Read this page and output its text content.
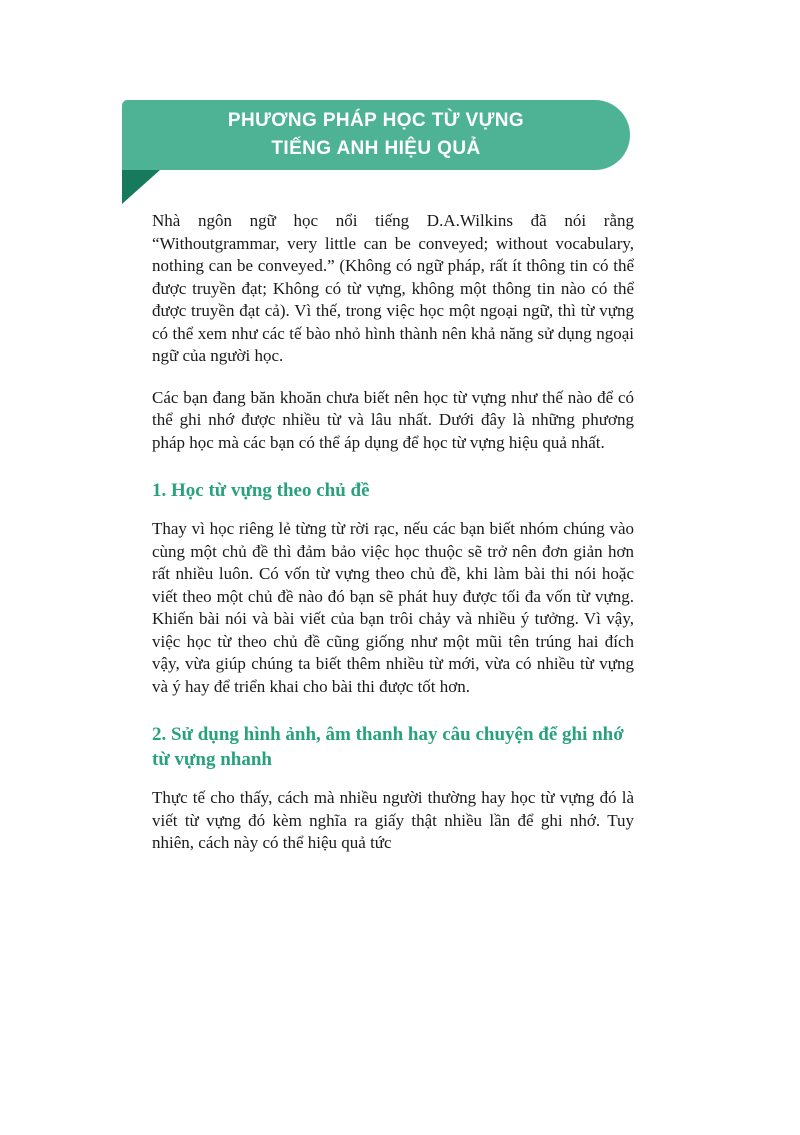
PHƯƠNG PHÁP HỌC TỪ VỰNG
TIẾNG ANH HIỆU QUẢ

Nhà ngôn ngữ học nổi tiếng D.A.Wilkins đã nói rằng “Withoutgrammar, very little can be conveyed; without vocabulary, nothing can be conveyed.” (Không có ngữ pháp, rất ít thông tin có thể được truyền đạt; Không có từ vựng, không một thông tin nào có thể được truyền đạt cả). Vì thế, trong việc học một ngoại ngữ, thì từ vựng có thể xem như các tế bào nhỏ hình thành nên khả năng sử dụng ngoại ngữ của người học.

Các bạn đang băn khoăn chưa biết nên học từ vựng như thế nào để có thể ghi nhớ được nhiều từ và lâu nhất. Dưới đây là những phương pháp học mà các bạn có thể áp dụng để học từ vựng hiệu quả nhất.

1. Học từ vựng theo chủ đề

Thay vì học riêng lẻ từng từ rời rạc, nếu các bạn biết nhóm chúng vào cùng một chủ đề thì đảm bảo việc học thuộc sẽ trở nên đơn giản hơn rất nhiều luôn. Có vốn từ vựng theo chủ đề, khi làm bài thi nói hoặc viết theo một chủ đề nào đó bạn sẽ phát huy được tối đa vốn từ vựng. Khiến bài nói và bài viết của bạn trôi chảy và nhiều ý tưởng. Vì vậy, việc học từ theo chủ đề cũng giống như một mũi tên trúng hai đích vậy, vừa giúp chúng ta biết thêm nhiều từ mới, vừa có nhiều từ vựng và ý hay để triển khai cho bài thi được tốt hơn.

2. Sử dụng hình ảnh, âm thanh hay câu chuyện để ghi nhớ từ vựng nhanh

Thực tế cho thấy, cách mà nhiều người thường hay học từ vựng đó là viết từ vựng đó kèm nghĩa ra giấy thật nhiều lần để ghi nhớ. Tuy nhiên, cách này có thể hiệu quả tức
